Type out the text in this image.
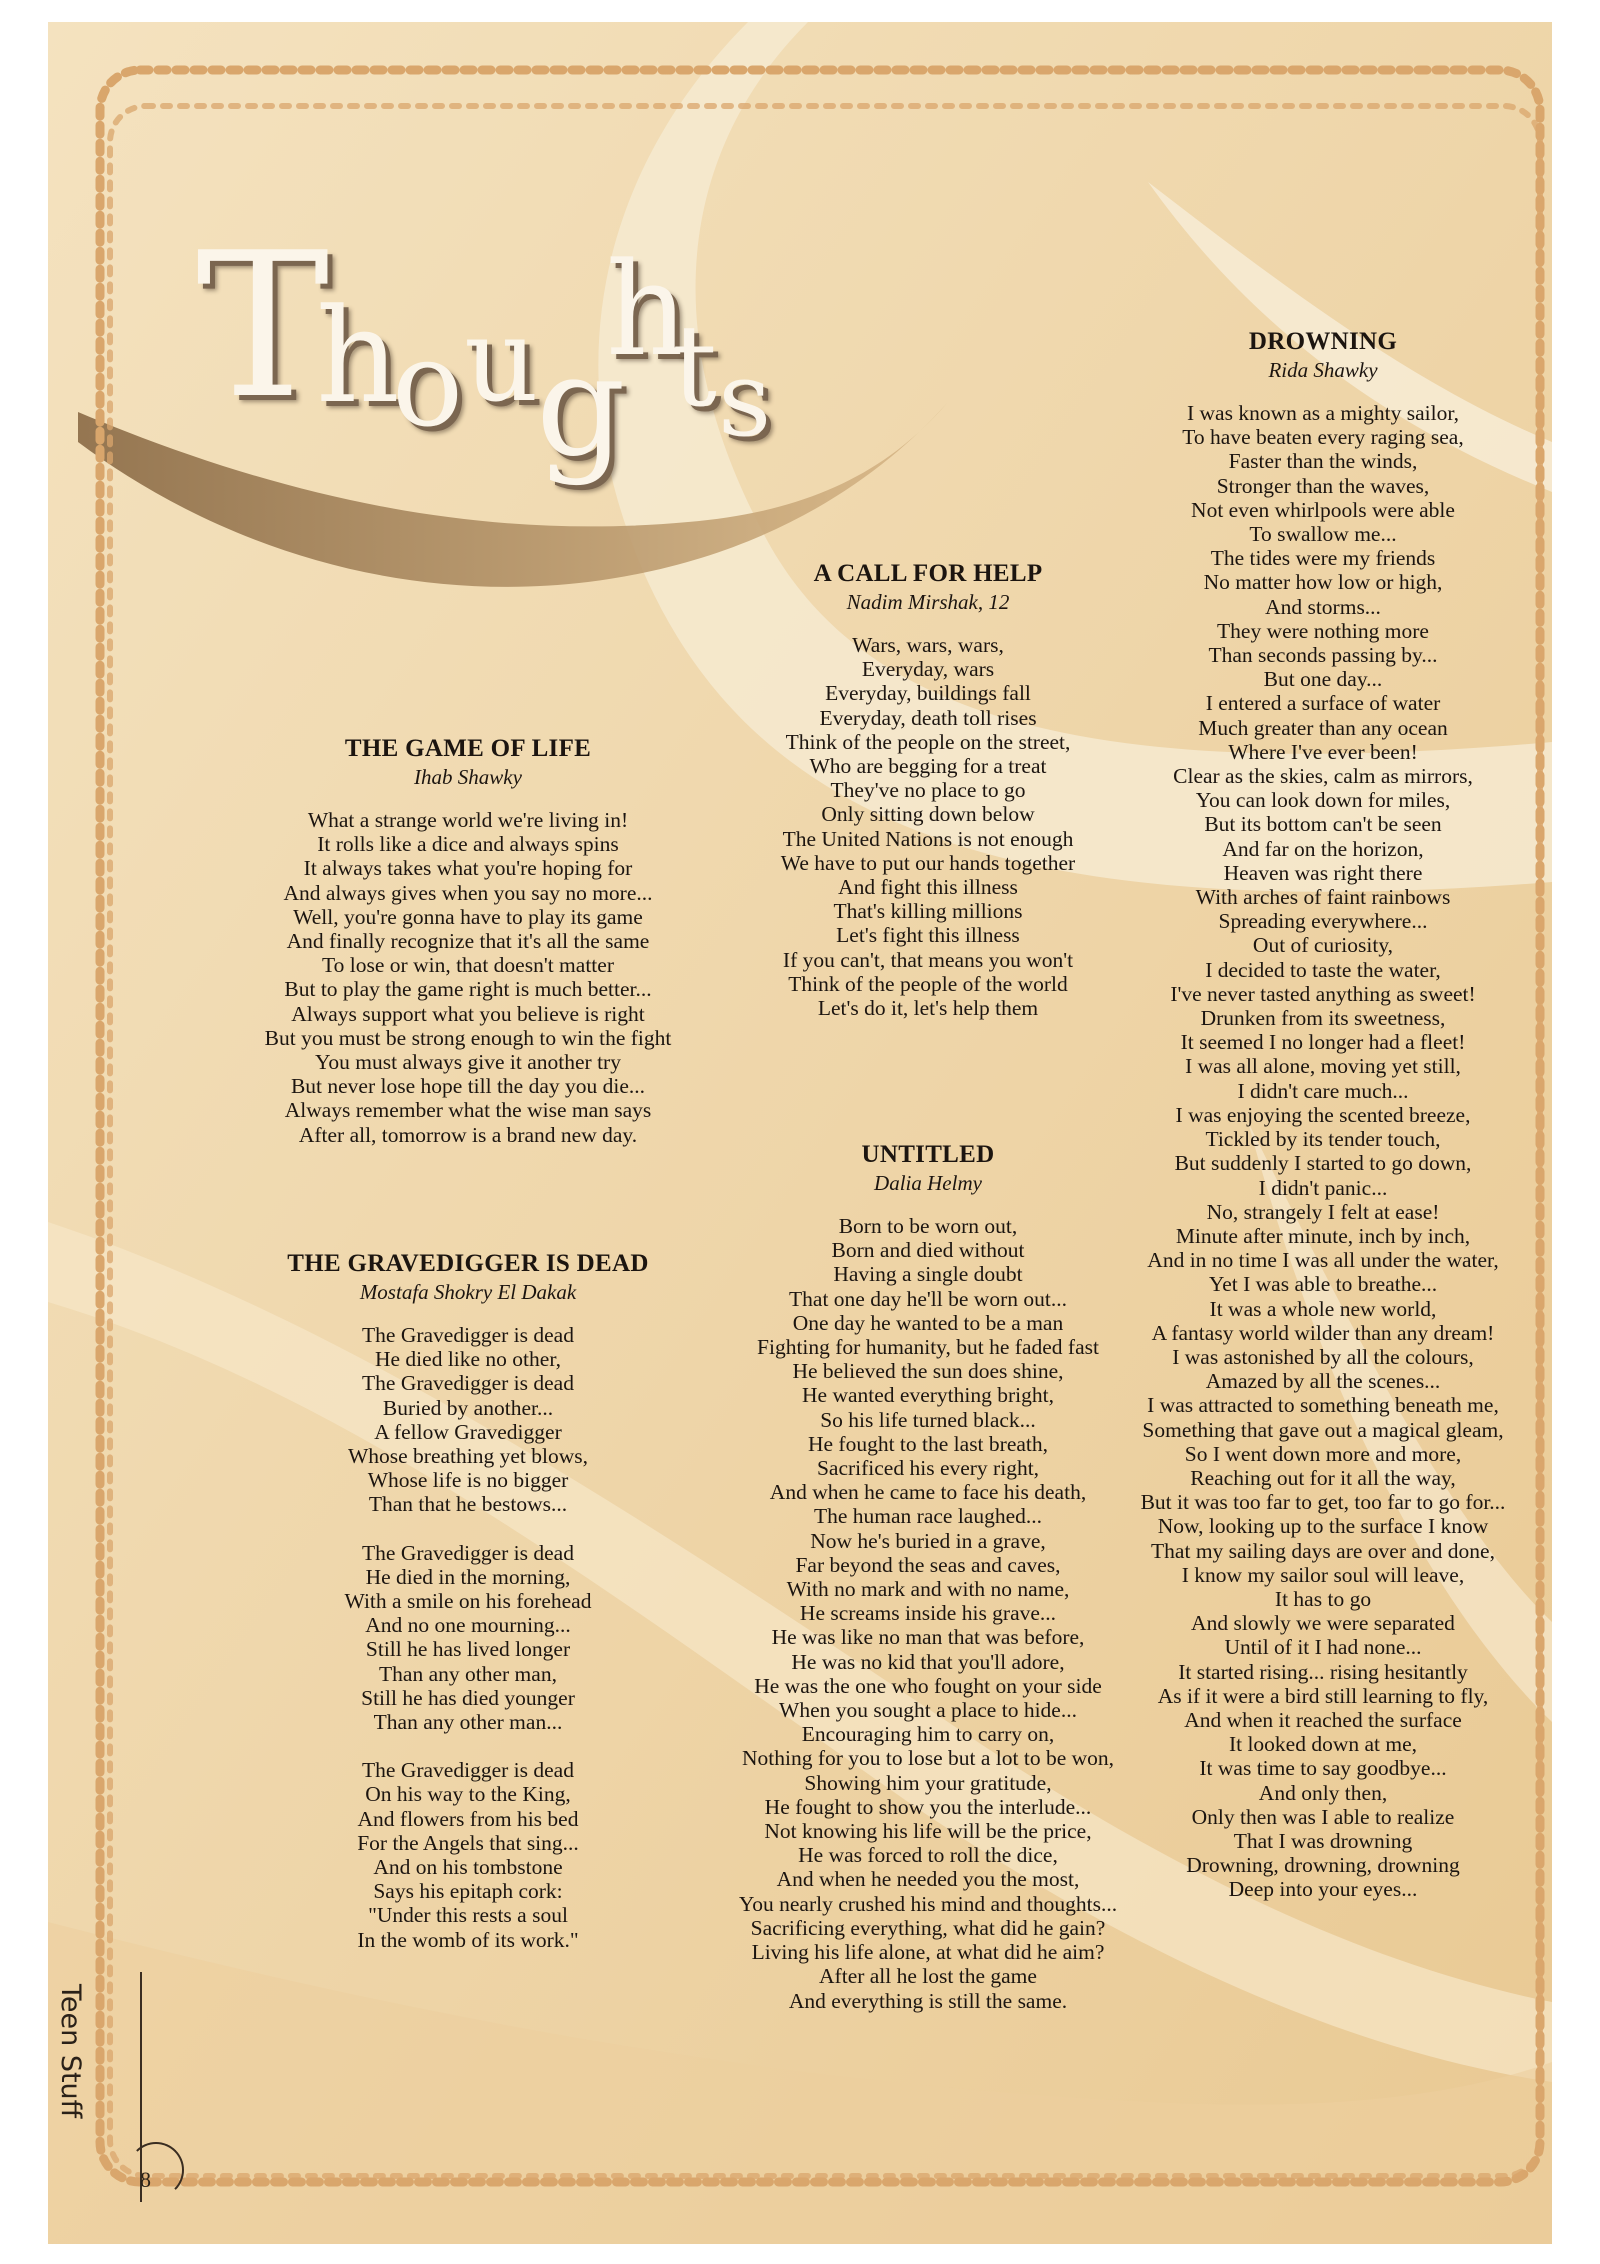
T
h
o u
g
h
t s
THE GAME OF LIFE
Ihab Shawky
What a strange world we're living in!
It rolls like a dice and always spins
It always takes what you're hoping for
And always gives when you say no more...
Well, you're gonna have to play its game
And finally recognize that it's all the same
To lose or win, that doesn't matter
But to play the game right is much better...
Always support what you believe is right
But you must be strong enough to win the fight
You must always give it another try
But never lose hope till the day you die...
Always remember what the wise man says
After all, tomorrow is a brand new day.
THE GRAVEDIGGER IS DEAD
Mostafa Shokry El Dakak
The Gravedigger is dead
He died like no other,
The Gravedigger is dead
Buried by another...
A fellow Gravedigger
Whose breathing yet blows,
Whose life is no bigger
Than that he bestows...
The Gravedigger is dead
He died in the morning,
With a smile on his forehead
And no one mourning...
Still he has lived longer
Than any other man,
Still he has died younger
Than any other man...
The Gravedigger is dead
On his way to the King,
And flowers from his bed
For the Angels that sing...
And on his tombstone
Says his epitaph cork:
"Under this rests a soul
In the womb of its work."
A CALL FOR HELP
Nadim Mirshak, 12
Wars, wars, wars,
Everyday, wars
Everyday, buildings fall
Everyday, death toll rises
Think of the people on the street,
Who are begging for a treat
They've no place to go
Only sitting down below
The United Nations is not enough
We have to put our hands together
And fight this illness
That's killing millions
Let's fight this illness
If you can't, that means you won't
Think of the people of the world
Let's do it, let's help them
UNTITLED
Dalia Helmy
Born to be worn out,
Born and died without
Having a single doubt
That one day he'll be worn out...
One day he wanted to be a man
Fighting for humanity, but he faded fast
He believed the sun does shine,
He wanted everything bright,
So his life turned black...
He fought to the last breath,
Sacrificed his every right,
And when he came to face his death,
The human race laughed...
Now he's buried in a grave,
Far beyond the seas and caves,
With no mark and with no name,
He screams inside his grave...
He was like no man that was before,
He was no kid that you'll adore,
He was the one who fought on your side
When you sought a place to hide...
Encouraging him to carry on,
Nothing for you to lose but a lot to be won,
Showing him your gratitude,
He fought to show you the interlude...
Not knowing his life will be the price,
He was forced to roll the dice,
And when he needed you the most,
You nearly crushed his mind and thoughts...
Sacrificing everything, what did he gain?
Living his life alone, at what did he aim?
After all he lost the game
And everything is still the same.
DROWNING
Rida Shawky
I was known as a mighty sailor,
To have beaten every raging sea,
Faster than the winds,
Stronger than the waves,
Not even whirlpools were able
To swallow me...
The tides were my friends
No matter how low or high,
And storms...
They were nothing more
Than seconds passing by...
But one day...
I entered a surface of water
Much greater than any ocean
Where I've ever been!
Clear as the skies, calm as mirrors,
You can look down for miles,
But its bottom can't be seen
And far on the horizon,
Heaven was right there
With arches of faint rainbows
Spreading everywhere...
Out of curiosity,
I decided to taste the water,
I've never tasted anything as sweet!
Drunken from its sweetness,
It seemed I no longer had a fleet!
I was all alone, moving yet still,
I didn't care much...
I was enjoying the scented breeze,
Tickled by its tender touch,
But suddenly I started to go down,
I didn't panic...
No, strangely I felt at ease!
Minute after minute, inch by inch,
And in no time I was all under the water,
Yet I was able to breathe...
It was a whole new world,
A fantasy world wilder than any dream!
I was astonished by all the colours,
Amazed by all the scenes...
I was attracted to something beneath me,
Something that gave out a magical gleam,
So I went down more and more,
Reaching out for it all the way,
But it was too far to get, too far to go for...
Now, looking up to the surface I know
That my sailing days are over and done,
I know my sailor soul will leave,
It has to go
And slowly we were separated
Until of it I had none...
It started rising... rising hesitantly
As if it were a bird still learning to fly,
And when it reached the surface
It looked down at me,
It was time to say goodbye...
And only then,
Only then was I able to realize
That I was drowning
Drowning, drowning, drowning
Deep into your eyes...
Teen Stuff
8
